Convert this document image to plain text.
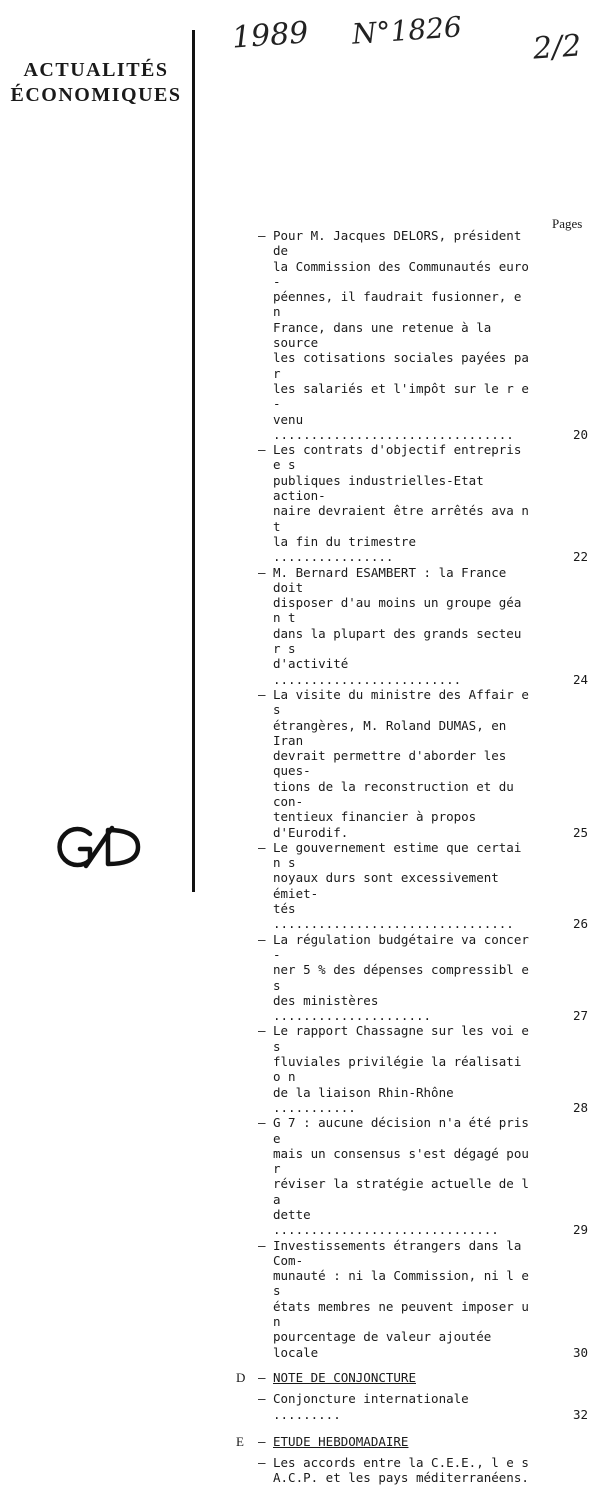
ACTUALITÉS
ÉCONOMIQUES
1989 N°1826 2/2
Pages
– Pour M. Jacques DELORS, président de
la Commission des Communautés euro -
péennes, il faudrait fusionner, e n
France, dans une retenue à la source
les cotisations sociales payées pa r
les salariés et l'impôt sur le r e -
venu ................................	20
– Les contrats d'objectif entrepris e s
publiques industrielles-Etat action-
naire devraient être arrêtés ava n t
la fin du trimestre ................	22
– M. Bernard ESAMBERT : la France doit
disposer d'au moins un groupe géa n t
dans la plupart des grands secteu r s
d'activité .........................	24
– La visite du ministre des Affair e s
étrangères, M. Roland DUMAS, en Iran
devrait permettre d'aborder les ques-
tions de la reconstruction et du con-
tentieux financier à propos d'Eurodif.	25
– Le gouvernement estime que certai n s
noyaux durs sont excessivement émiet-
tés ................................	26
– La régulation budgétaire va concer -
ner 5 % des dépenses compressibl e s
des ministères .....................	27
– Le rapport Chassagne sur les voi e s
fluviales privilégie la réalisati o n
de la liaison Rhin-Rhône ...........	28
– G 7 : aucune décision n'a été pris e
mais un consensus s'est dégagé pou r
réviser la stratégie actuelle de l a
dette ..............................	29
– Investissements étrangers dans la Com-
munauté : ni la Commission, ni l e s
états membres ne peuvent imposer u n
pourcentage de valeur ajoutée locale	30
D – NOTE DE CONJONCTURE
– Conjoncture internationale .........	32
E – ETUDE HEBDOMADAIRE
– Les accords entre la C.E.E., l e s
A.C.P. et les pays méditerranéens.
